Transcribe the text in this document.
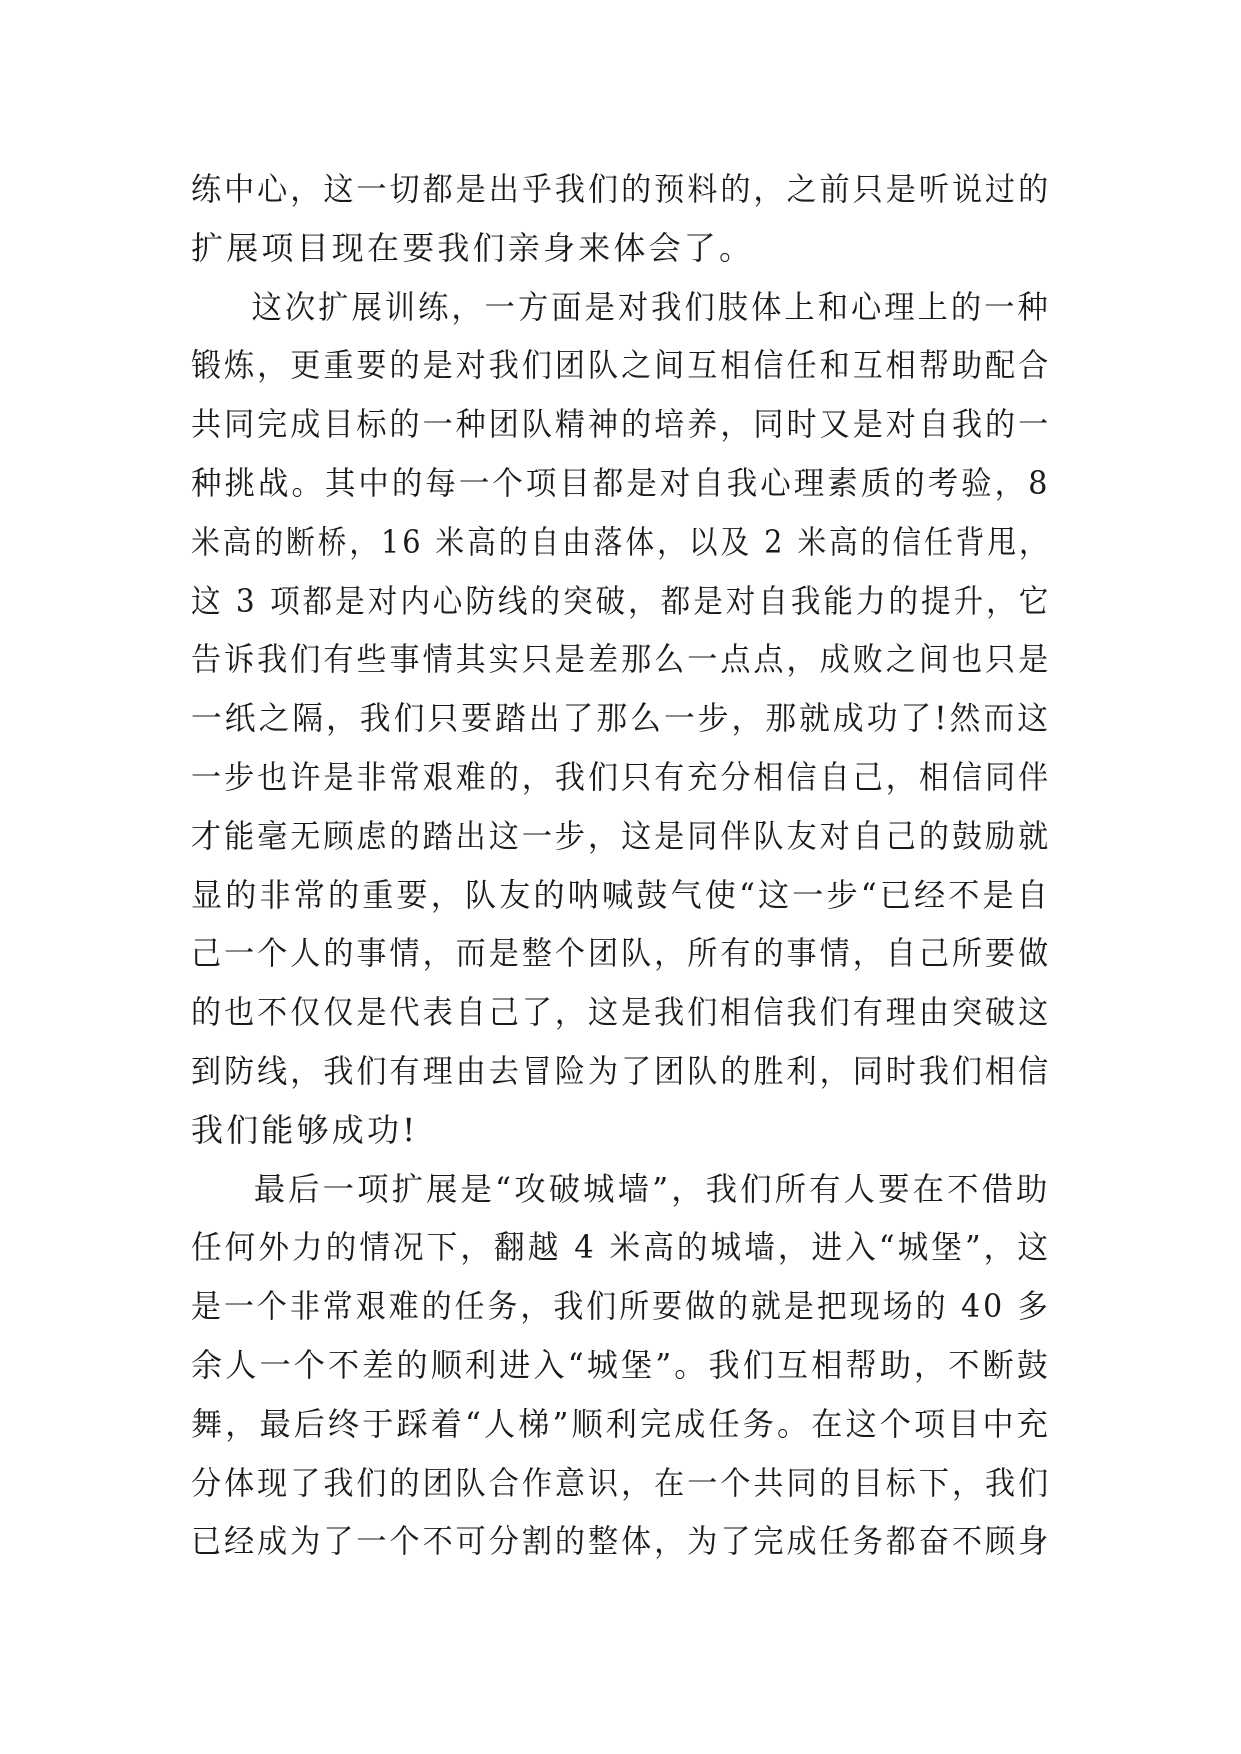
练中心，这一切都是出乎我们的预料的，之前只是听说过的
扩展项目现在要我们亲身来体会了。

这次扩展训练，一方面是对我们肢体上和心理上的一种
锻炼，更重要的是对我们团队之间互相信任和互相帮助配合
共同完成目标的一种团队精神的培养，同时又是对自我的一
种挑战。其中的每一个项目都是对自我心理素质的考验，8
米高的断桥，16 米高的自由落体，以及 2 米高的信任背甩，
这 3 项都是对内心防线的突破，都是对自我能力的提升，它
告诉我们有些事情其实只是差那么一点点，成败之间也只是
一纸之隔，我们只要踏出了那么一步，那就成功了!然而这
一步也许是非常艰难的，我们只有充分相信自己，相信同伴
才能毫无顾虑的踏出这一步，这是同伴队友对自己的鼓励就
显的非常的重要，队友的呐喊鼓气使“这一步“已经不是自
己一个人的事情，而是整个团队，所有的事情，自己所要做
的也不仅仅是代表自己了，这是我们相信我们有理由突破这
到防线，我们有理由去冒险为了团队的胜利，同时我们相信
我们能够成功!

最后一项扩展是“攻破城墙”，我们所有人要在不借助
任何外力的情况下，翻越 4 米高的城墙，进入“城堡”，这
是一个非常艰难的任务，我们所要做的就是把现场的 40 多
余人一个不差的顺利进入“城堡”。我们互相帮助，不断鼓
舞，最后终于踩着“人梯”顺利完成任务。在这个项目中充
分体现了我们的团队合作意识，在一个共同的目标下，我们
已经成为了一个不可分割的整体，为了完成任务都奋不顾身
